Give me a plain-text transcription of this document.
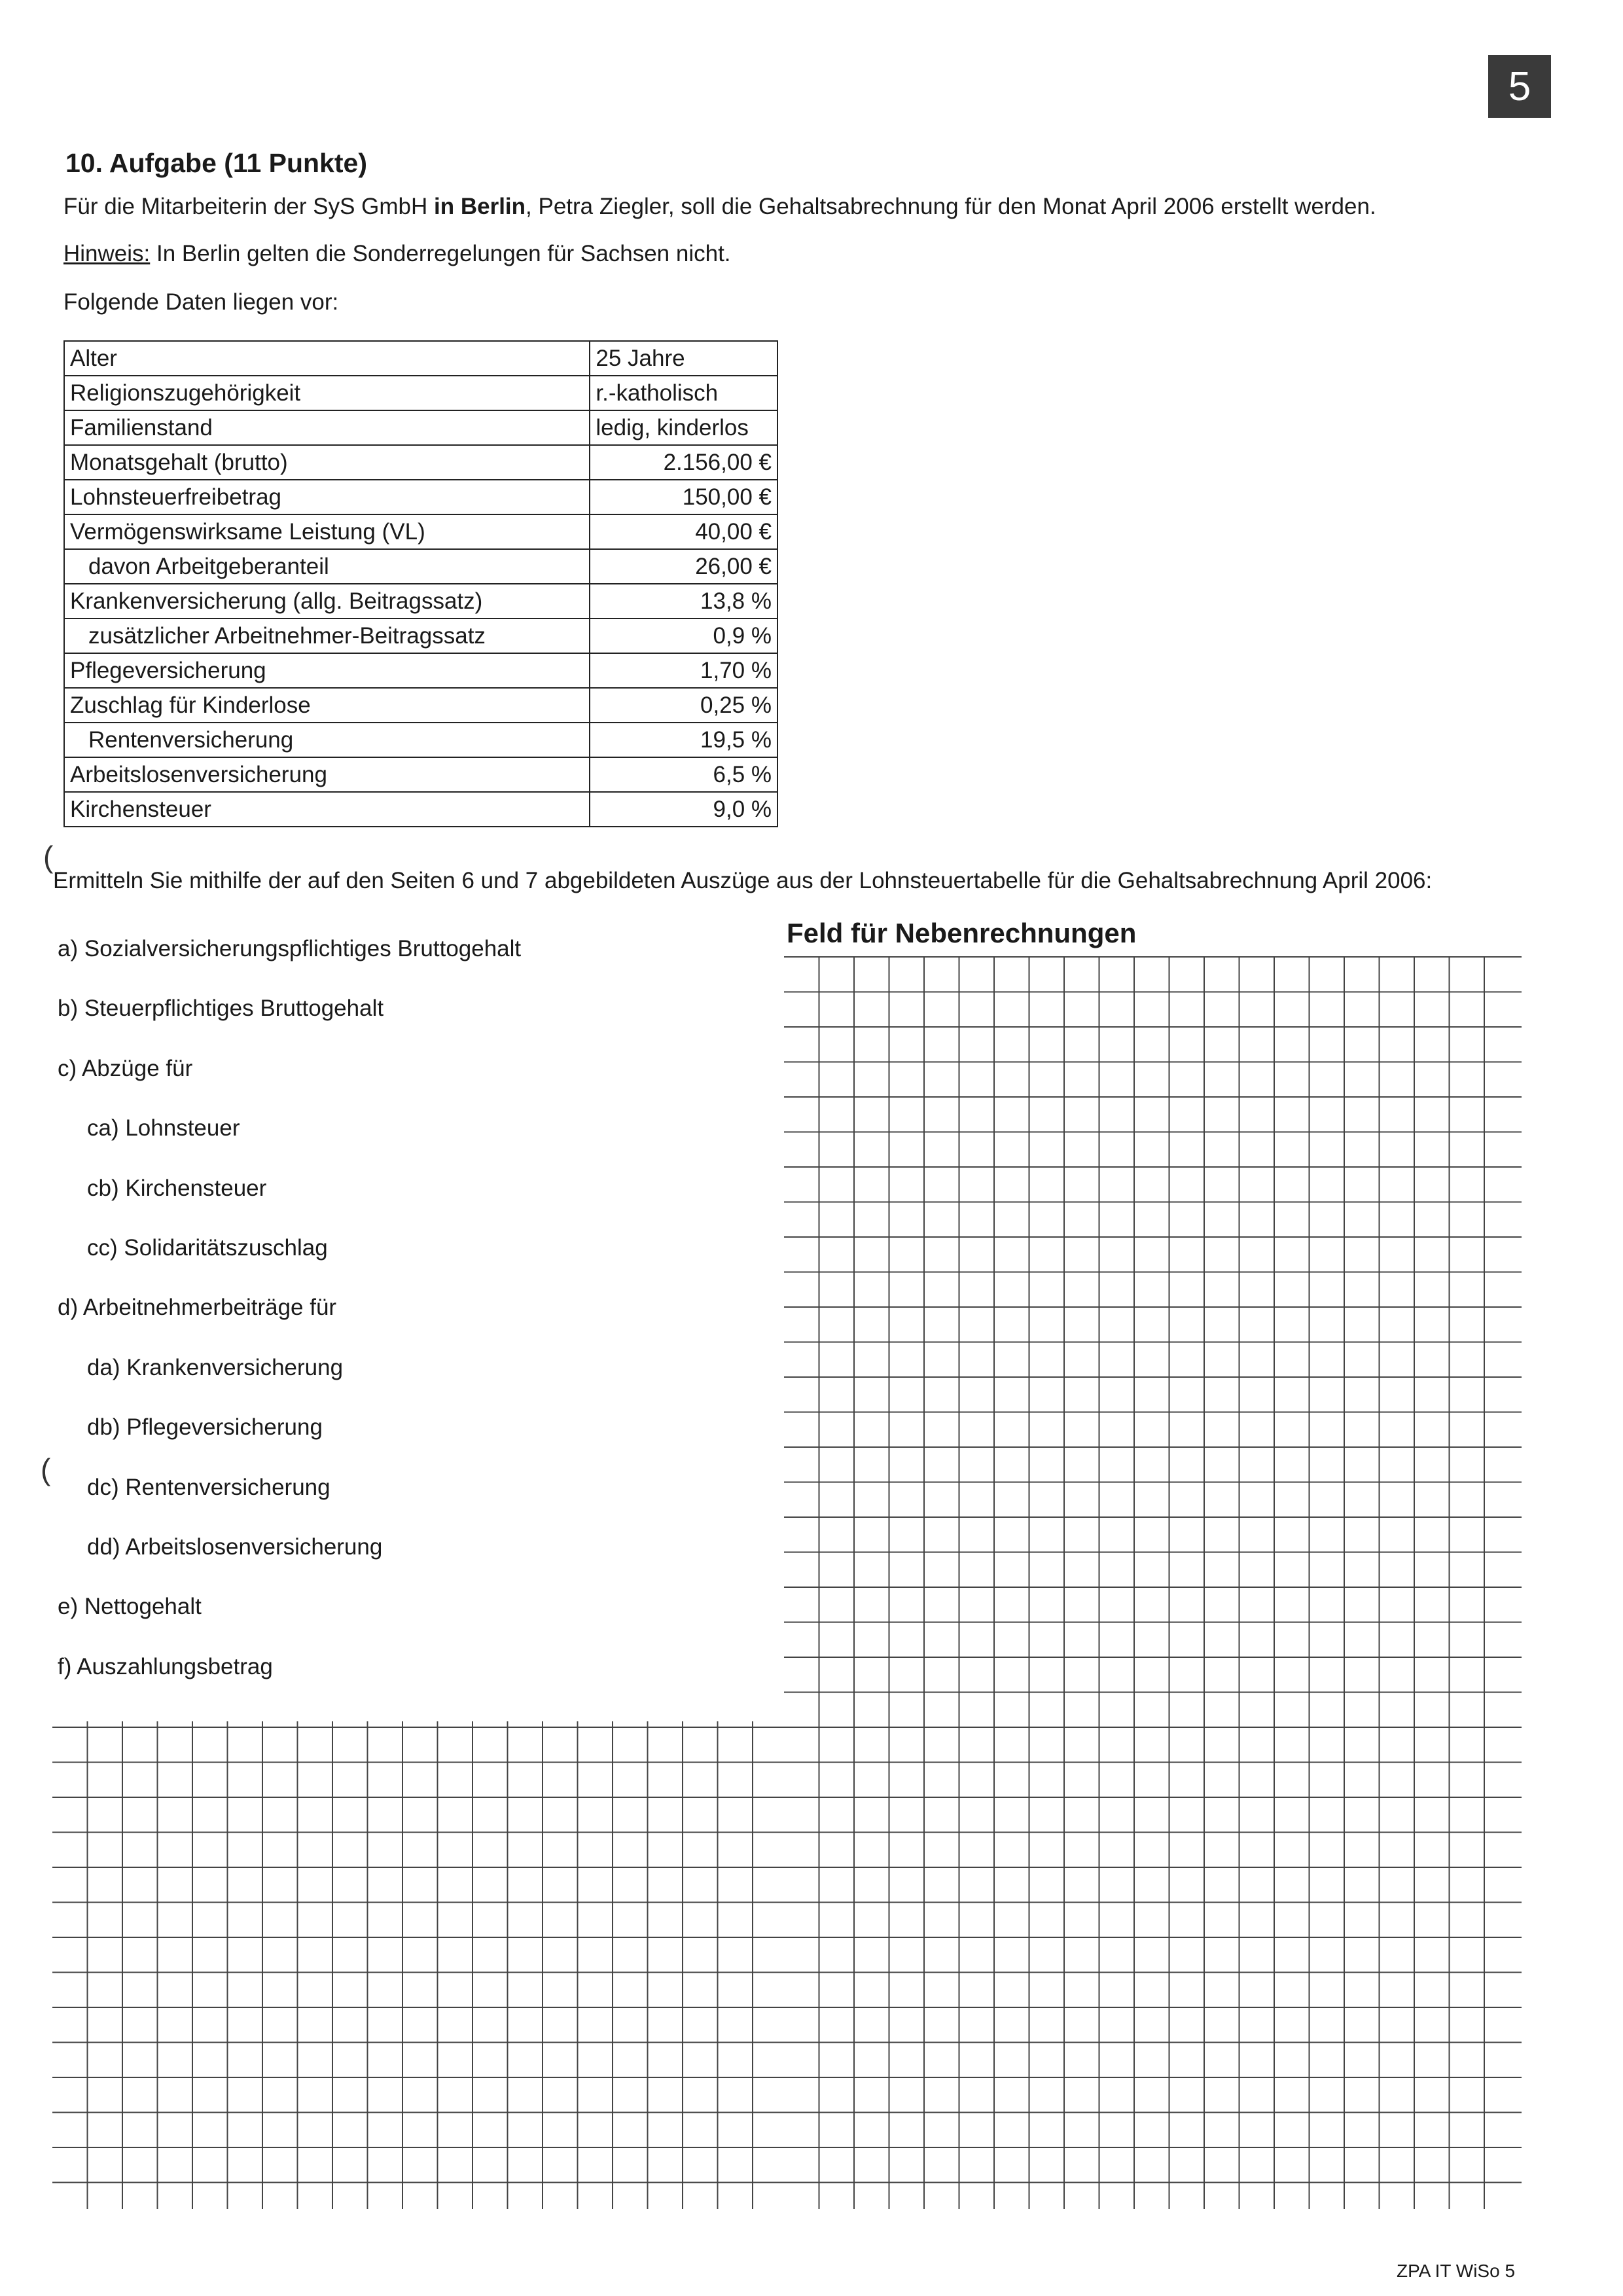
5
10. Aufgabe (11 Punkte)
Für die Mitarbeiterin der SyS GmbH in Berlin, Petra Ziegler, soll die Gehaltsabrechnung für den Monat April 2006 erstellt werden.
Hinweis: In Berlin gelten die Sonderregelungen für Sachsen nicht.
Folgende Daten liegen vor:
Alter	25 Jahre
Religionszugehörigkeit	r.-katholisch
Familienstand	ledig, kinderlos
Monatsgehalt (brutto)	2.156,00 €
Lohnsteuerfreibetrag	150,00 €
Vermögenswirksame Leistung (VL)	40,00 €
davon Arbeitgeberanteil	26,00 €
Krankenversicherung (allg. Beitragssatz)	13,8 %
zusätzlicher Arbeitnehmer-Beitragssatz	0,9 %
Pflegeversicherung	1,70 %
Zuschlag für Kinderlose	0,25 %
Rentenversicherung	19,5 %
Arbeitslosenversicherung	6,5 %
Kirchensteuer	9,0 %
(
(
Ermitteln Sie mithilfe der auf den Seiten 6 und 7 abgebildeten Auszüge aus der Lohnsteuertabelle für die Gehaltsabrechnung April 2006:
a) Sozialversicherungspflichtiges Bruttogehalt
b) Steuerpflichtiges Bruttogehalt
c) Abzüge für
ca) Lohnsteuer
cb) Kirchensteuer
cc) Solidaritätszuschlag
d) Arbeitnehmerbeiträge für
da) Krankenversicherung
db) Pflegeversicherung
dc) Rentenversicherung
dd) Arbeitslosenversicherung
e) Nettogehalt
f) Auszahlungsbetrag
Feld für Nebenrechnungen
ZPA IT WiSo 5
